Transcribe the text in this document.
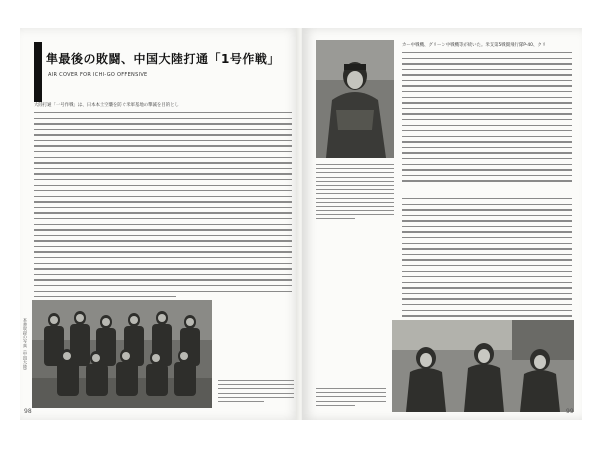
隼最後の敗闘、中国大陸打通「1号作戦」
AIR COVER FOR ICHI-GO OFFENSIVE
大陸打通「一号作戦」は、日本本土空襲を防ぐ米軍基地の撃滅を目的とし
本書収録の写真（中国大陸）
98
カー中戦機、グリーン中戦機等が続いた。米支第5戦闘飛行隊P-40、クリ
99
